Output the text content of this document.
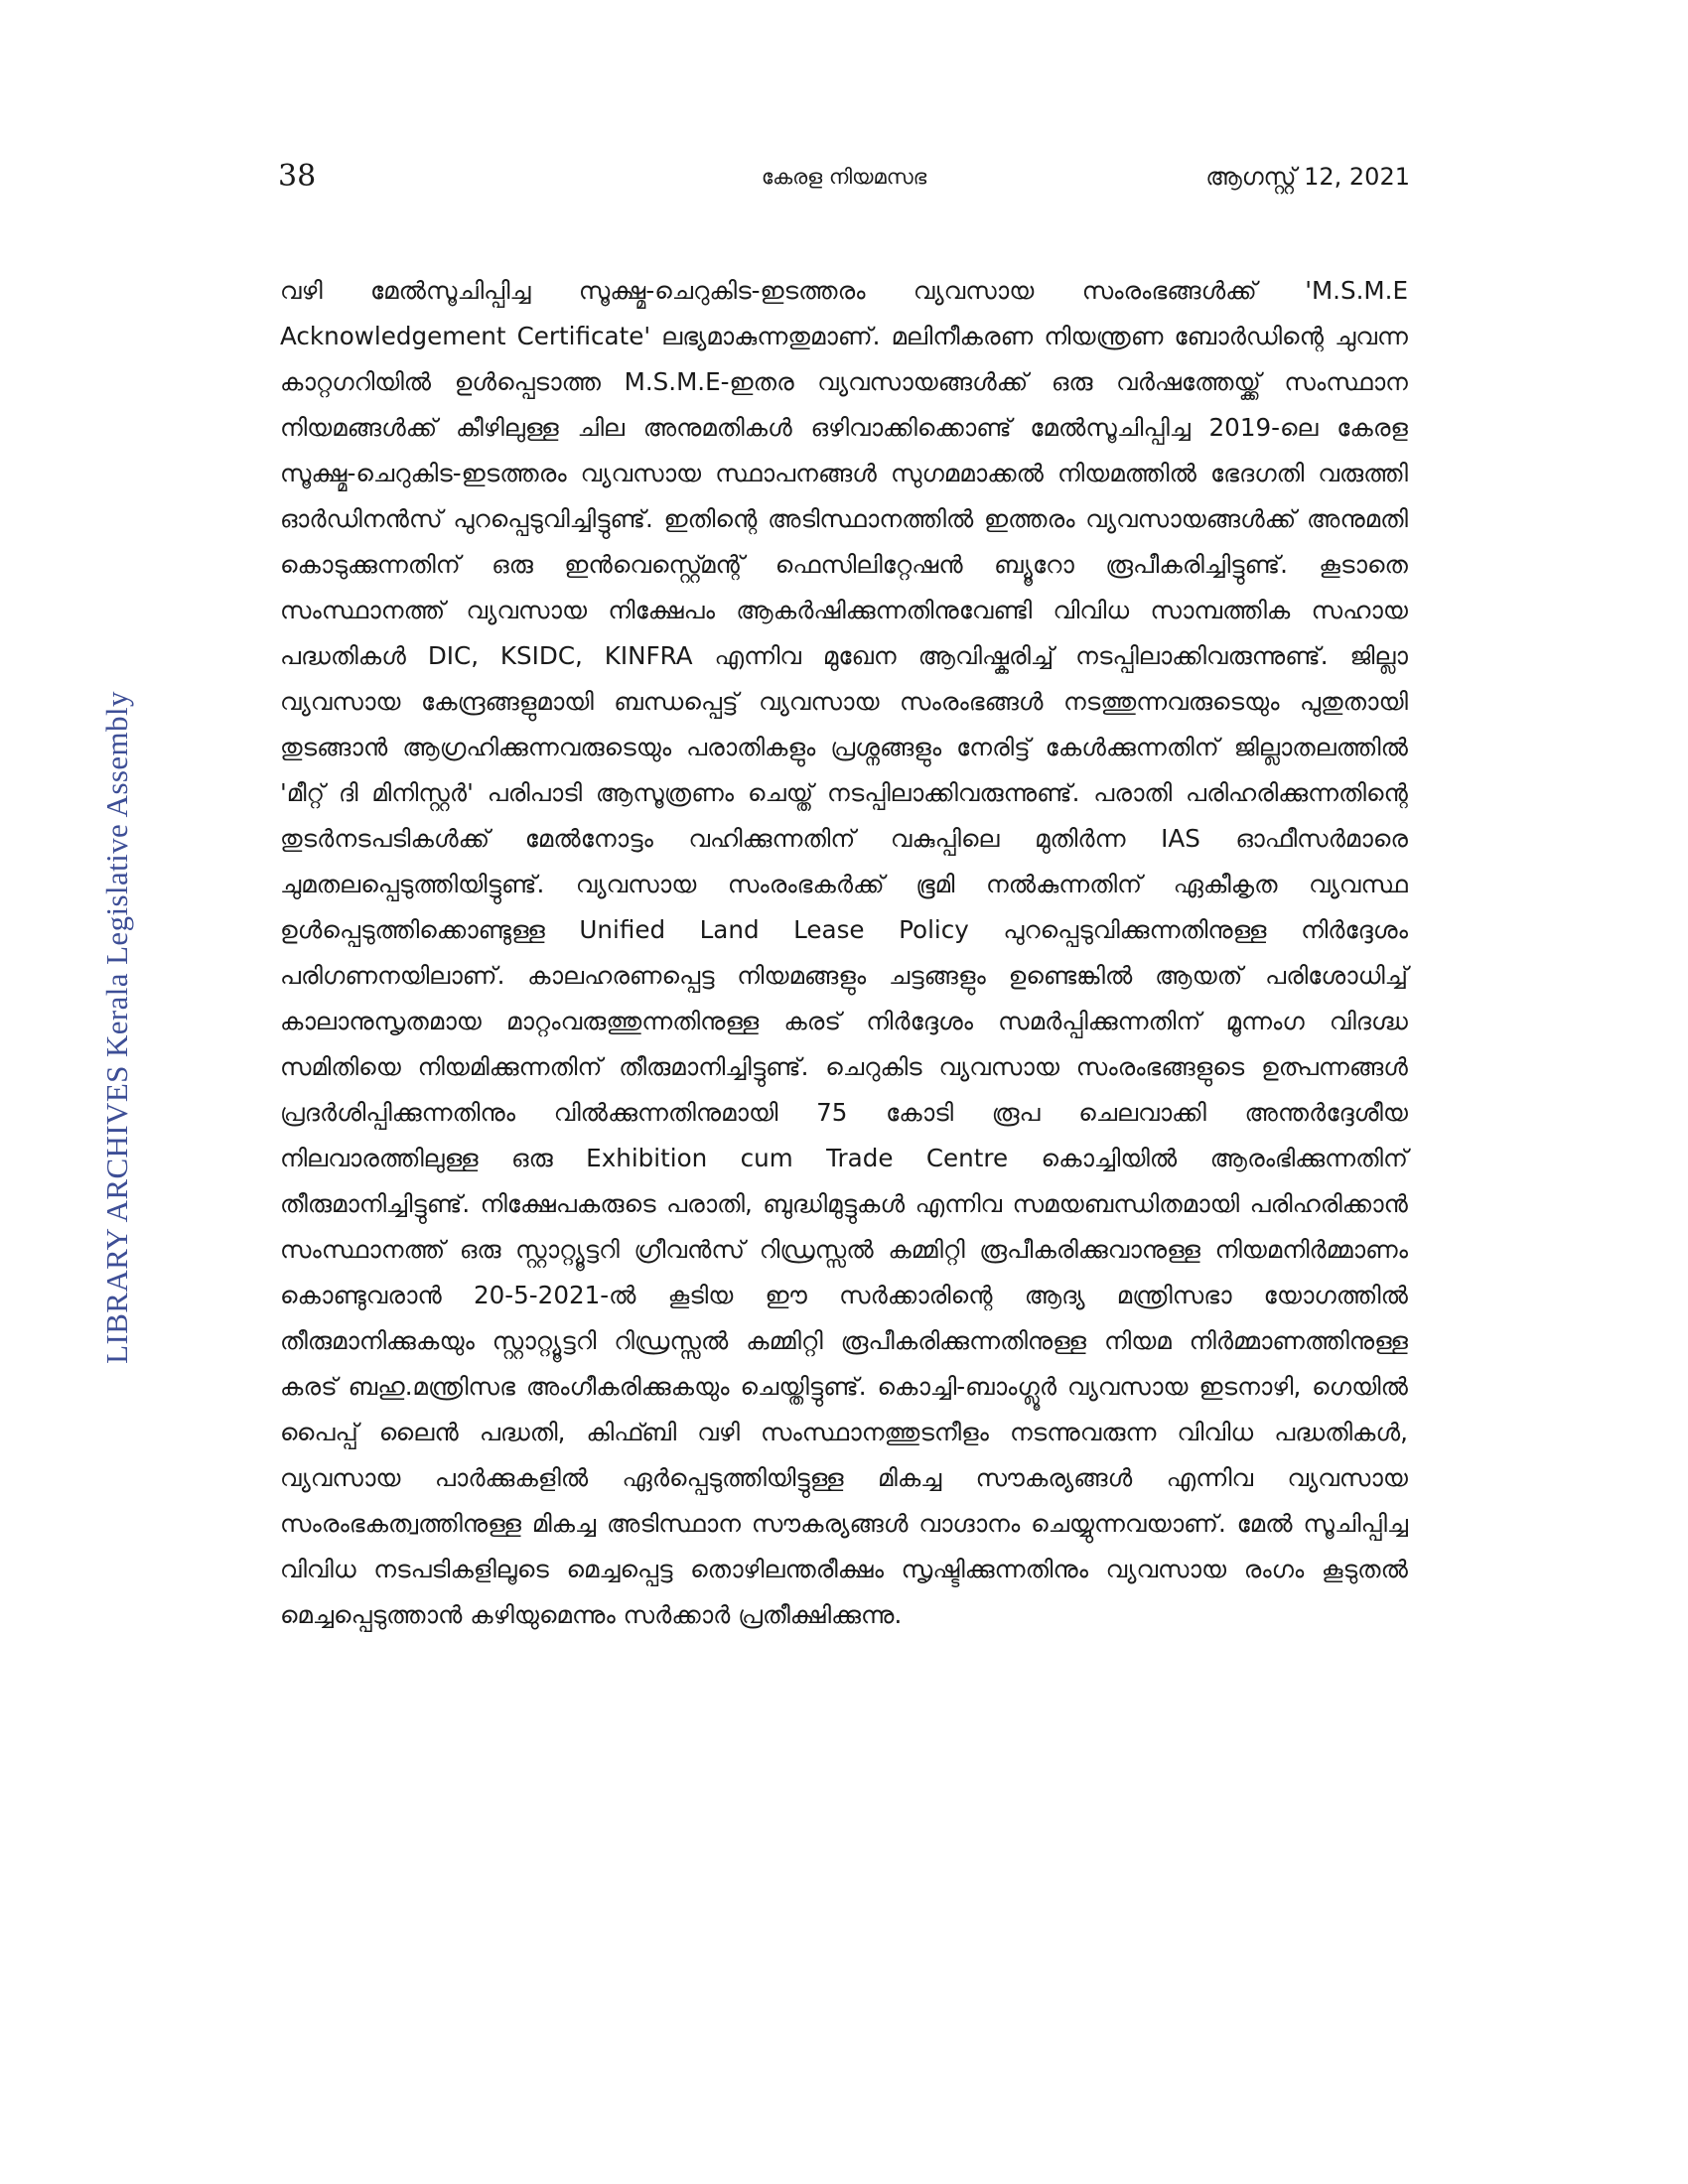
38	കേരള നിയമസഭ	ആഗസ്റ്റ് 12, 2021
LIBRARY ARCHIVES Kerala Legislative Assembly

വഴി മേൽസൂചിപ്പിച്ച സൂക്ഷ്മ-ചെറുകിട-ഇടത്തരം വ്യവസായ സംരംഭങ്ങൾക്ക് 'M.S.M.E Acknowledgement Certificate' ലഭ്യമാകുന്നതുമാണ്. മലിനീകരണ നിയന്ത്രണ ബോർഡിന്റെ ചുവന്ന കാറ്റഗറിയിൽ ഉൾപ്പെടാത്ത M.S.M.E-ഇതര വ്യവസായങ്ങൾക്ക് ഒരു വർഷത്തേയ്ക്ക് സംസ്ഥാന നിയമങ്ങൾക്ക് കീഴിലുള്ള ചില അനുമതികൾ ഒഴിവാക്കിക്കൊണ്ട് മേൽസൂചിപ്പിച്ച 2019-ലെ കേരള സൂക്ഷ്മ-ചെറുകിട-ഇടത്തരം വ്യവസായ സ്ഥാപനങ്ങൾ സുഗമമാക്കൽ നിയമത്തിൽ ഭേദഗതി വരുത്തി ഓർഡിനൻസ് പുറപ്പെടുവിച്ചിട്ടുണ്ട്. ഇതിന്റെ അടിസ്ഥാനത്തിൽ ഇത്തരം വ്യവസായങ്ങൾക്ക് അനുമതി കൊടുക്കുന്നതിന് ഒരു ഇൻവെസ്റ്റ്മെന്റ് ഫെസിലിറ്റേഷൻ ബ്യൂറോ രൂപീകരിച്ചിട്ടുണ്ട്. കൂടാതെ സംസ്ഥാനത്ത് വ്യവസായ നിക്ഷേപം ആകർഷിക്കുന്നതിനുവേണ്ടി വിവിധ സാമ്പത്തിക സഹായ പദ്ധതികൾ DIC, KSIDC, KINFRA എന്നിവ മുഖേന ആവിഷ്കരിച്ച് നടപ്പിലാക്കിവരുന്നുണ്ട്. ജില്ലാ വ്യവസായ കേന്ദ്രങ്ങളുമായി ബന്ധപ്പെട്ട് വ്യവസായ സംരംഭങ്ങൾ നടത്തുന്നവരുടെയും പുതുതായി തുടങ്ങാൻ ആഗ്രഹിക്കുന്നവരുടെയും പരാതികളും പ്രശ്നങ്ങളും നേരിട്ട് കേൾക്കുന്നതിന് ജില്ലാതലത്തിൽ 'മീറ്റ് ദി മിനിസ്റ്റർ' പരിപാടി ആസൂത്രണം ചെയ്ത് നടപ്പിലാക്കിവരുന്നുണ്ട്. പരാതി പരിഹരിക്കുന്നതിന്റെ തുടർനടപടികൾക്ക് മേൽനോട്ടം വഹിക്കുന്നതിന് വകുപ്പിലെ മുതിർന്ന IAS ഓഫീസർമാരെ ചുമതലപ്പെടുത്തിയിട്ടുണ്ട്. വ്യവസായ സംരംഭകർക്ക് ഭൂമി നൽകുന്നതിന് ഏകീകൃത വ്യവസ്ഥ ഉൾപ്പെടുത്തിക്കൊണ്ടുള്ള Unified Land Lease Policy പുറപ്പെടുവിക്കുന്നതിനുള്ള നിർദ്ദേശം പരിഗണനയിലാണ്. കാലഹരണപ്പെട്ട നിയമങ്ങളും ചട്ടങ്ങളും ഉണ്ടെങ്കിൽ ആയത് പരിശോധിച്ച് കാലാനുസൃതമായ മാറ്റംവരുത്തുന്നതിനുള്ള കരട് നിർദ്ദേശം സമർപ്പിക്കുന്നതിന് മൂന്നംഗ വിദഗ്ദ്ധ സമിതിയെ നിയമിക്കുന്നതിന് തീരുമാനിച്ചിട്ടുണ്ട്. ചെറുകിട വ്യവസായ സംരംഭങ്ങളുടെ ഉത്പന്നങ്ങൾ പ്രദർശിപ്പിക്കുന്നതിനും വിൽക്കുന്നതിനുമായി 75 കോടി രൂപ ചെലവാക്കി അന്തർദ്ദേശീയ നിലവാരത്തിലുള്ള ഒരു Exhibition cum Trade Centre കൊച്ചിയിൽ ആരംഭിക്കുന്നതിന് തീരുമാനിച്ചിട്ടുണ്ട്. നിക്ഷേപകരുടെ പരാതി, ബുദ്ധിമുട്ടുകൾ എന്നിവ സമയബന്ധിതമായി പരിഹരിക്കാൻ സംസ്ഥാനത്ത് ഒരു സ്റ്റാറ്റ്യൂട്ടറി ഗ്രീവൻസ് റിഡ്രസ്സൽ കമ്മിറ്റി രൂപീകരിക്കുവാനുള്ള നിയമനിർമ്മാണം കൊണ്ടുവരാൻ 20-5-2021-ൽ കൂടിയ ഈ സർക്കാരിന്റെ ആദ്യ മന്ത്രിസഭാ യോഗത്തിൽ തീരുമാനിക്കുകയും സ്റ്റാറ്റ്യൂട്ടറി റിഡ്രസ്സൽ കമ്മിറ്റി രൂപീകരിക്കുന്നതിനുള്ള നിയമ നിർമ്മാണത്തിനുള്ള കരട് ബഹു.മന്ത്രിസഭ അംഗീകരിക്കുകയും ചെയ്തിട്ടുണ്ട്. കൊച്ചി-ബാംഗ്ലൂർ വ്യവസായ ഇടനാഴി, ഗെയിൽ പൈപ്പ് ലൈൻ പദ്ധതി, കിഫ്ബി വഴി സംസ്ഥാനത്തുടനീളം നടന്നുവരുന്ന വിവിധ പദ്ധതികൾ, വ്യവസായ പാർക്കുകളിൽ ഏർപ്പെടുത്തിയിട്ടുള്ള മികച്ച സൗകര്യങ്ങൾ എന്നിവ വ്യവസായ സംരംഭകത്വത്തിനുള്ള മികച്ച അടിസ്ഥാന സൗകര്യങ്ങൾ വാഗ്ദാനം ചെയ്യുന്നവയാണ്. മേൽ സൂചിപ്പിച്ച വിവിധ നടപടികളിലൂടെ മെച്ചപ്പെട്ട തൊഴിലന്തരീക്ഷം സൃഷ്ടിക്കുന്നതിനും വ്യവസായ രംഗം കൂടുതൽ മെച്ചപ്പെടുത്താൻ കഴിയുമെന്നും സർക്കാർ പ്രതീക്ഷിക്കുന്നു.
